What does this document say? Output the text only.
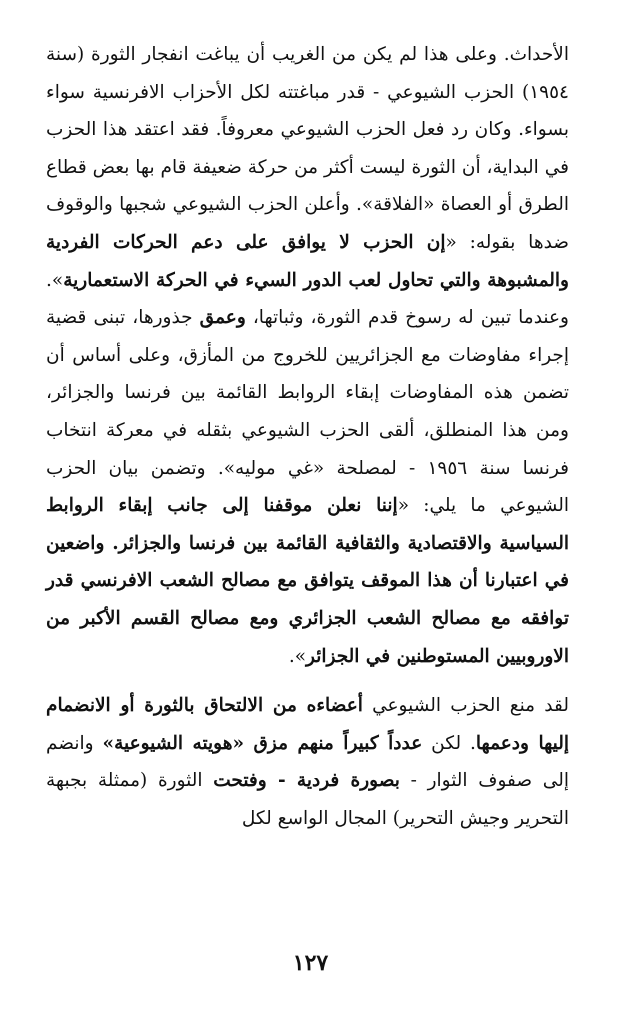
الأحداث. وعلى هذا لم يكن من الغريب أن يباغت انفجار الثورة (سنة ١٩٥٤) الحزب الشيوعي - قدر مباغتته لكل الأحزاب الافرنسية سواء بسواء. وكان رد فعل الحزب الشيوعي معروفاً. فقد اعتقد هذا الحزب في البداية، أن الثورة ليست أكثر من حركة ضعيفة قام بها بعض قطاع الطرق أو العصاة «الفلاقة». وأعلن الحزب الشيوعي شجبها والوقوف ضدها بقوله: «إن الحزب لا يوافق على دعم الحركات الفردية والمشبوهة والتي تحاول لعب الدور السيء في الحركة الاستعمارية». وعندما تبين له رسوخ قدم الثورة، وثباتها، وعمق جذورها، تبنى قضية إجراء مفاوضات مع الجزائريين للخروج من المأزق، وعلى أساس أن تضمن هذه المفاوضات إبقاء الروابط القائمة بين فرنسا والجزائر، ومن هذا المنطلق، ألقى الحزب الشيوعي بثقله في معركة انتخاب فرنسا سنة ١٩٥٦ - لمصلحة «غي موليه». وتضمن بيان الحزب الشيوعي ما يلي: «إننا نعلن موقفنا إلى جانب إبقاء الروابط السياسية والاقتصادية والثقافية القائمة بين فرنسا والجزائر. واضعين في اعتبارنا أن هذا الموقف يتوافق مع مصالح الشعب الافرنسي قدر توافقه مع مصالح الشعب الجزائري ومع مصالح القسم الأكبر من الاوروبيين المستوطنين في الجزائر».

لقد منع الحزب الشيوعي أعضاءه من الالتحاق بالثورة أو الانضمام إليها ودعمها. لكن عدداً كبيراً منهم مزق «هويته الشيوعية» وانضم إلى صفوف الثوار - بصورة فردية - وفتحت الثورة (ممثلة بجبهة التحرير وجيش التحرير) المجال الواسع لكل

١٢٧
